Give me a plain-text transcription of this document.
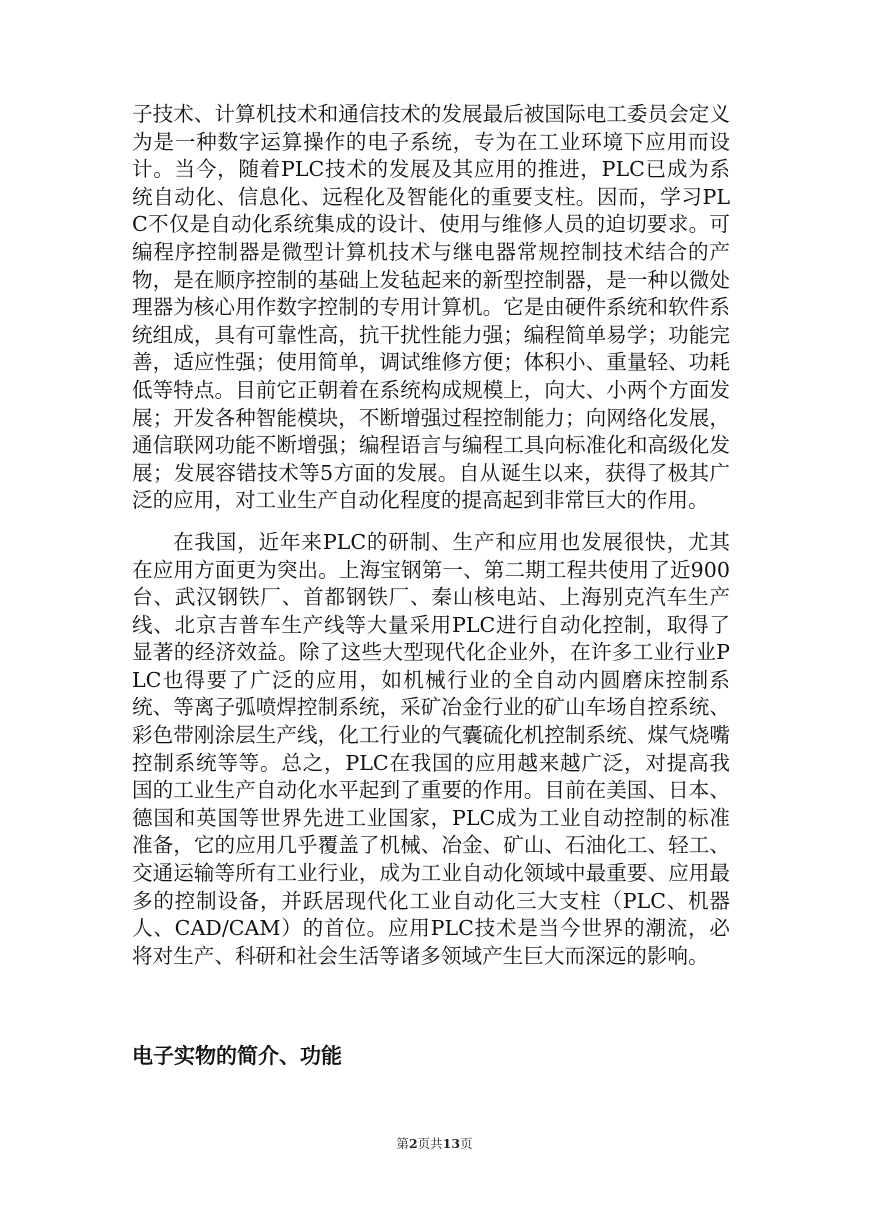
子技术、计算机技术和通信技术的发展最后被国际电工委员会定义为是一种数字运算操作的电子系统，专为在工业环境下应用而设计。当今，随着PLC技术的发展及其应用的推进，PLC已成为系统自动化、信息化、远程化及智能化的重要支柱。因而，学习PLC不仅是自动化系统集成的设计、使用与维修人员的迫切要求。可编程序控制器是微型计算机技术与继电器常规控制技术结合的产物，是在顺序控制的基础上发毡起来的新型控制器，是一种以微处理器为核心用作数字控制的专用计算机。它是由硬件系统和软件系统组成，具有可靠性高，抗干扰性能力强；编程简单易学；功能完善，适应性强；使用简单，调试维修方便；体积小、重量轻、功耗低等特点。目前它正朝着在系统构成规模上，向大、小两个方面发展；开发各种智能模块，不断增强过程控制能力；向网络化发展，通信联网功能不断增强；编程语言与编程工具向标准化和高级化发展；发展容错技术等5方面的发展。自从诞生以来，获得了极其广泛的应用，对工业生产自动化程度的提高起到非常巨大的作用。

在我国，近年来PLC的研制、生产和应用也发展很快，尤其在应用方面更为突出。上海宝钢第一、第二期工程共使用了近900台、武汉钢铁厂、首都钢铁厂、秦山核电站、上海别克汽车生产线、北京吉普车生产线等大量采用PLC进行自动化控制，取得了显著的经济效益。除了这些大型现代化企业外，在许多工业行业PLC也得要了广泛的应用，如机械行业的全自动内圆磨床控制系统、等离子弧喷焊控制系统，采矿冶金行业的矿山车场自控系统、彩色带刚涂层生产线，化工行业的气囊硫化机控制系统、煤气烧嘴控制系统等等。总之，PLC在我国的应用越来越广泛，对提高我国的工业生产自动化水平起到了重要的作用。目前在美国、日本、德国和英国等世界先进工业国家，PLC成为工业自动控制的标准准备，它的应用几乎覆盖了机械、冶金、矿山、石油化工、轻工、交通运输等所有工业行业，成为工业自动化领域中最重要、应用最多的控制设备，并跃居现代化工业自动化三大支柱（PLC、机器人、CAD/CAM）的首位。应用PLC技术是当今世界的潮流，必将对生产、科研和社会生活等诸多领域产生巨大而深远的影响。

电子实物的简介、功能
第2页共13页
